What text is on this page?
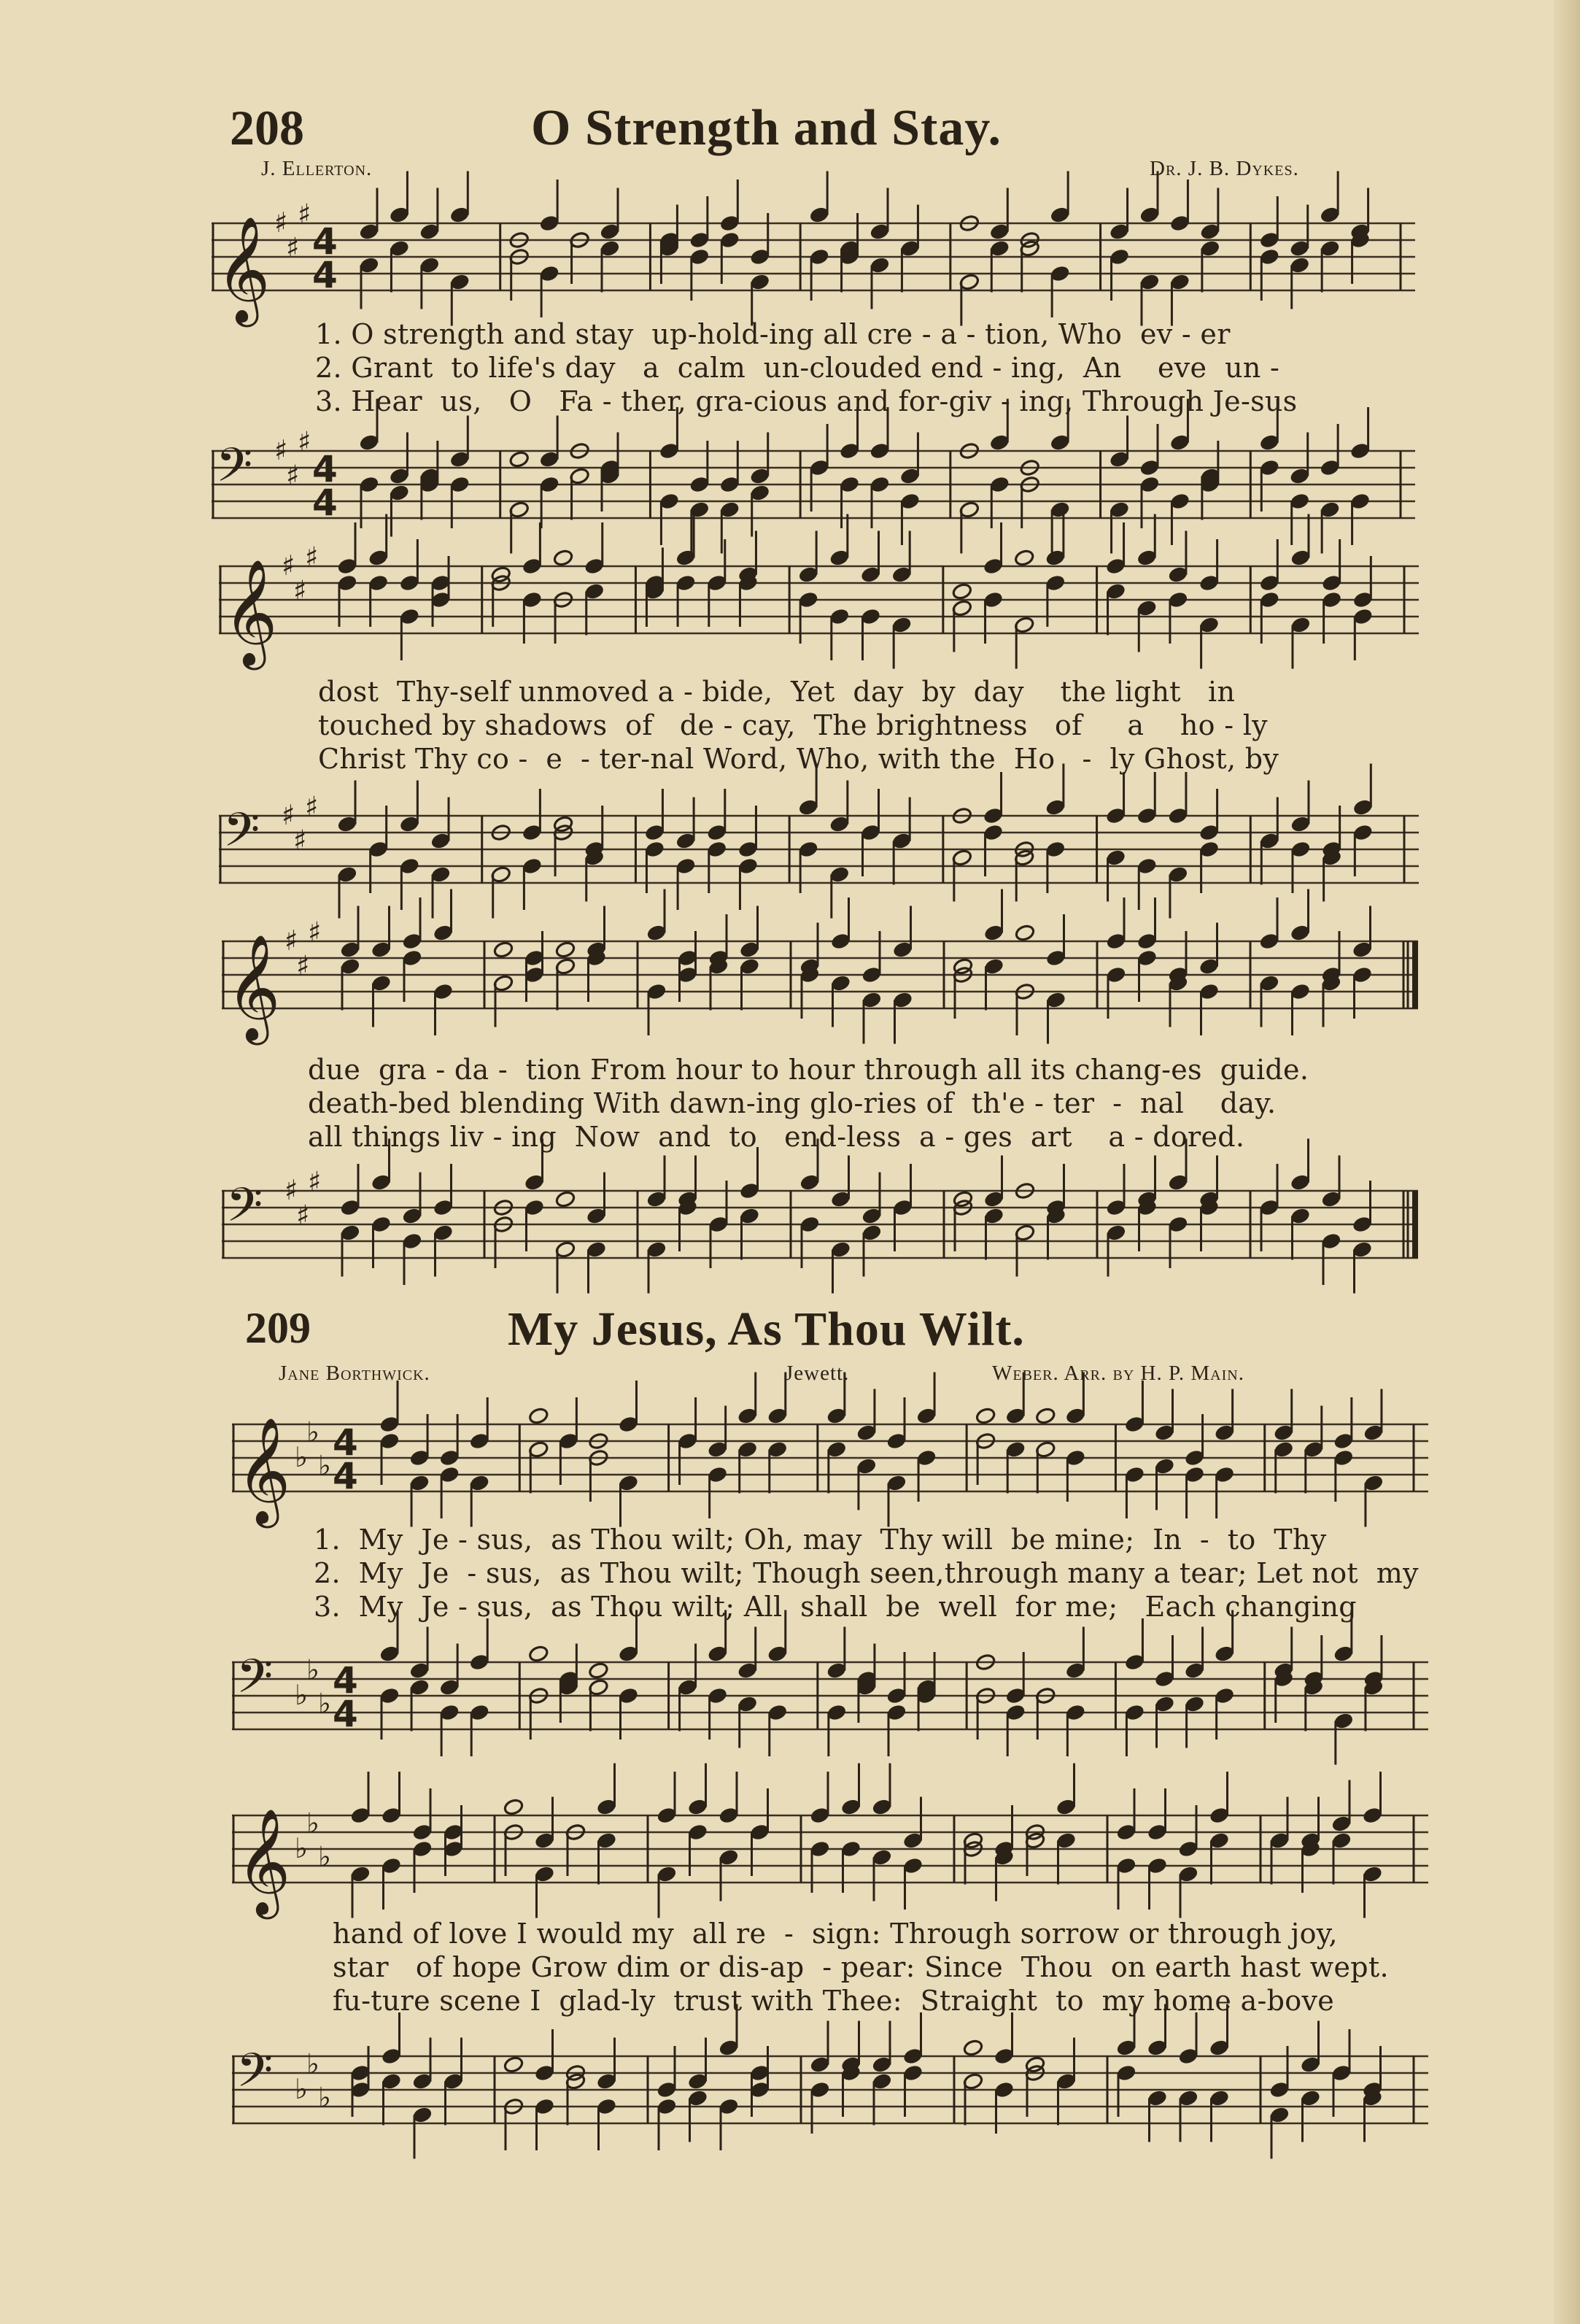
208	O Strength and Stay.
J. Ellerton.	Dr. J. B. Dykes.
𝄞 ♯
♯
♯
4
4
1. O strength and stay  up-hold-ing all cre - a - tion, Who  ev - er
2. Grant  to life's day   a  calm  un-clouded end - ing,  An    eve  un -
3. Hear  us,   O   Fa - ther, gra-cious and for-giv - ing, Through Je-sus
𝄢 ♯
♯
♯
4
4
𝄞 ♯
♯
♯
dost  Thy-self unmoved a - bide,  Yet  day  by  day    the light   in
touched by shadows  of   de - cay,  The brightness   of     a    ho - ly
Christ Thy co -  e  - ter-nal Word, Who, with the  Ho   -  ly Ghost, by
𝄢 ♯
♯
♯
𝄞 ♯
♯
♯
due  gra - da -  tion From hour to hour through all its chang-es  guide.
death-bed blending With dawn-ing glo-ries of  th'e - ter  -  nal    day.
all things liv - ing  Now  and  to   end-less  a - ges  art    a - dored.
𝄢 ♯
♯
♯
209	My Jesus, As Thou Wilt.
Jane Borthwick.	Jewett.	Weber. Arr. by H. P. Main.
𝄞 ♭
♭
♭
4
4
1.  My  Je - sus,  as Thou wilt; Oh, may  Thy will  be mine;  In  -  to  Thy
2.  My  Je  - sus,  as Thou wilt; Though seen,through many a tear; Let not  my
3.  My  Je - sus,  as Thou wilt; All  shall  be  well  for me;   Each changing
𝄢 ♭
♭
♭
4
4
𝄞 ♭
♭
♭
hand of love I would my  all re  -  sign: Through sorrow or through joy,
star   of hope Grow dim or dis-ap  - pear: Since  Thou  on earth hast wept.
fu-ture scene I  glad-ly  trust with Thee:  Straight  to  my home a-bove
𝄢 ♭
♭
♭
